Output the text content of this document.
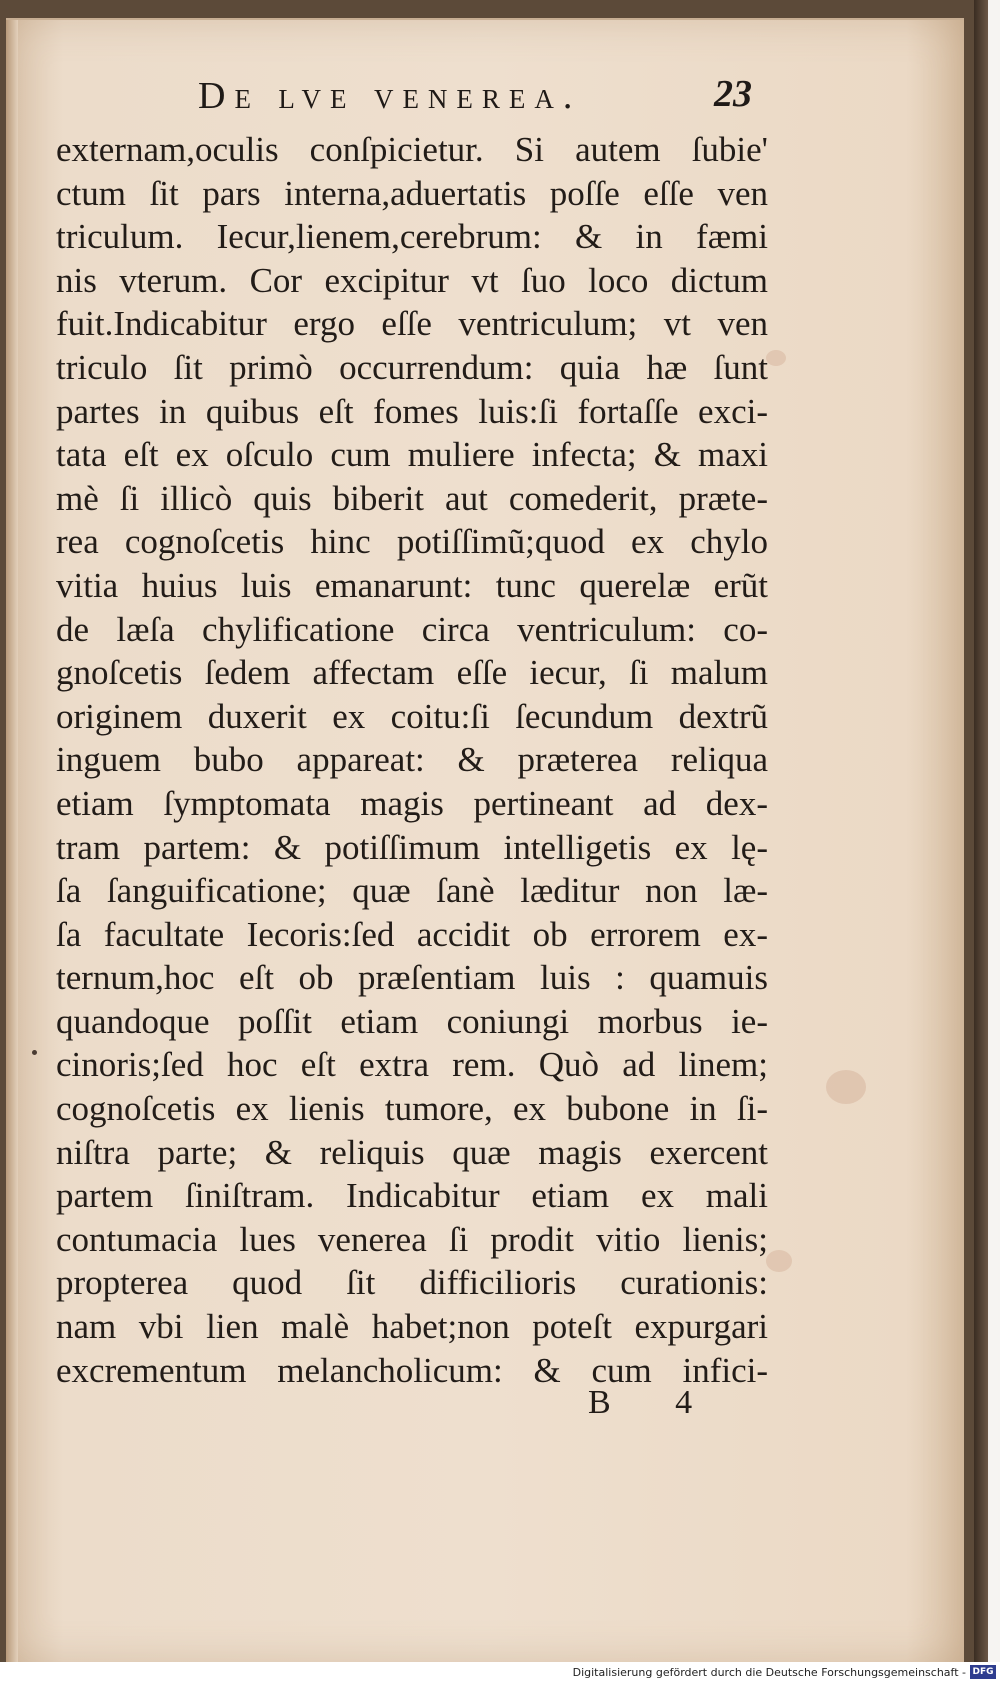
De lve venerea.	23
externam,oculis conſpicietur. Si autem ſubie'
ctum ſit pars interna,aduertatis poſſe eſſe ven
triculum. Iecur,lienem,cerebrum: & in fæmi
nis vterum. Cor excipitur vt ſuo loco dictum
fuit.Indicabitur ergo eſſe ventriculum; vt ven
triculo ſit primò occurrendum: quia hæ ſunt
partes in quibus eſt fomes luis:ſi fortaſſe exci-
tata eſt ex oſculo cum muliere infecta; & maxi
mè ſi illicò quis biberit aut comederit, præte-
rea cognoſcetis hinc potiſſimũ;quod ex chylo
vitia huius luis emanarunt: tunc querelæ erũt
de læſa chylificatione circa ventriculum: co-
gnoſcetis ſedem affectam eſſe iecur, ſi malum
originem duxerit ex coitu:ſi ſecundum dextrũ
inguem bubo appareat: & præterea reliqua
etiam ſymptomata magis pertineant ad dex-
tram partem: & potiſſimum intelligetis ex lę-
ſa ſanguificatione; quæ ſanè læditur non læ-
ſa facultate Iecoris:ſed accidit ob errorem ex-
ternum,hoc eſt ob præſentiam luis : quamuis
quandoque poſſit etiam coniungi morbus ie-
cinoris;ſed hoc eſt extra rem. Quò ad linem;
cognoſcetis ex lienis tumore, ex bubone in ſi-
niſtra parte; & reliquis quæ magis exercent
partem ſiniſtram. Indicabitur etiam ex mali
contumacia lues venerea ſi prodit vitio lienis;
propterea quod ſit difficilioris curationis:
nam vbi lien malè habet;non poteſt expurgari
excrementum melancholicum: & cum infici-
B 4
Digitalisierung gefördert durch die Deutsche Forschungsgemeinschaft - DFG
